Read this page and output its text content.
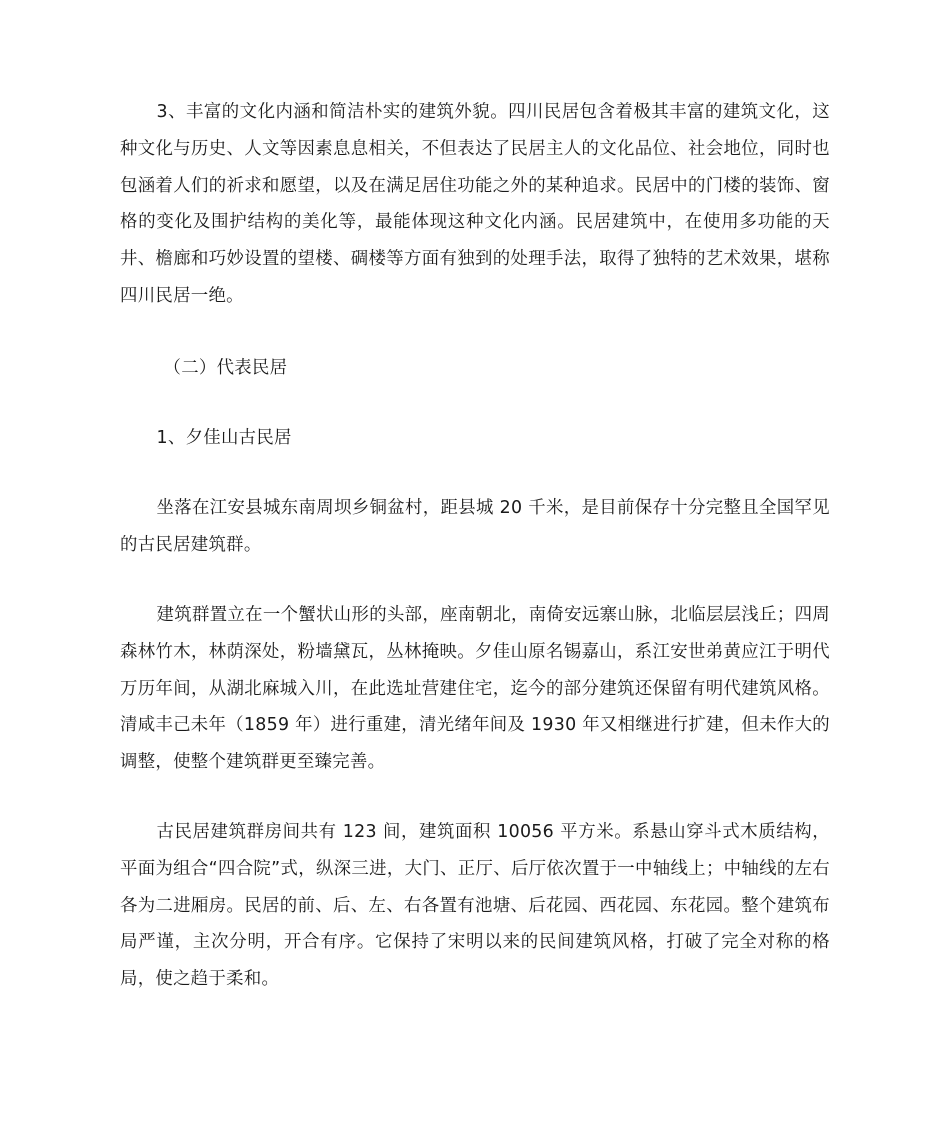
3、丰富的文化内涵和简洁朴实的建筑外貌。四川民居包含着极其丰富的建筑文化，这种文化与历史、人文等因素息息相关，不但表达了民居主人的文化品位、社会地位，同时也包涵着人们的祈求和愿望，以及在满足居住功能之外的某种追求。民居中的门楼的装饰、窗格的变化及围护结构的美化等，最能体现这种文化内涵。民居建筑中，在使用多功能的天井、檐廊和巧妙设置的望楼、碉楼等方面有独到的处理手法，取得了独特的艺术效果，堪称四川民居一绝。

（二）代表民居

1、夕佳山古民居

坐落在江安县城东南周坝乡铜盆村，距县城 20 千米，是目前保存十分完整且全国罕见的古民居建筑群。

建筑群置立在一个蟹状山形的头部，座南朝北，南倚安远寨山脉，北临层层浅丘；四周森林竹木，林荫深处，粉墙黛瓦，丛林掩映。夕佳山原名锡嘉山，系江安世弟黄应江于明代万历年间，从湖北麻城入川，在此选址营建住宅，迄今的部分建筑还保留有明代建筑风格。清咸丰己未年（1859 年）进行重建，清光绪年间及 1930 年又相继进行扩建，但未作大的调整，使整个建筑群更至臻完善。

古民居建筑群房间共有 123 间，建筑面积 10056 平方米。系悬山穿斗式木质结构，平面为组合“四合院”式，纵深三进，大门、正厅、后厅依次置于一中轴线上；中轴线的左右各为二进厢房。民居的前、后、左、右各置有池塘、后花园、西花园、东花园。整个建筑布局严谨，主次分明，开合有序。它保持了宋明以来的民间建筑风格，打破了完全对称的格局，使之趋于柔和。
